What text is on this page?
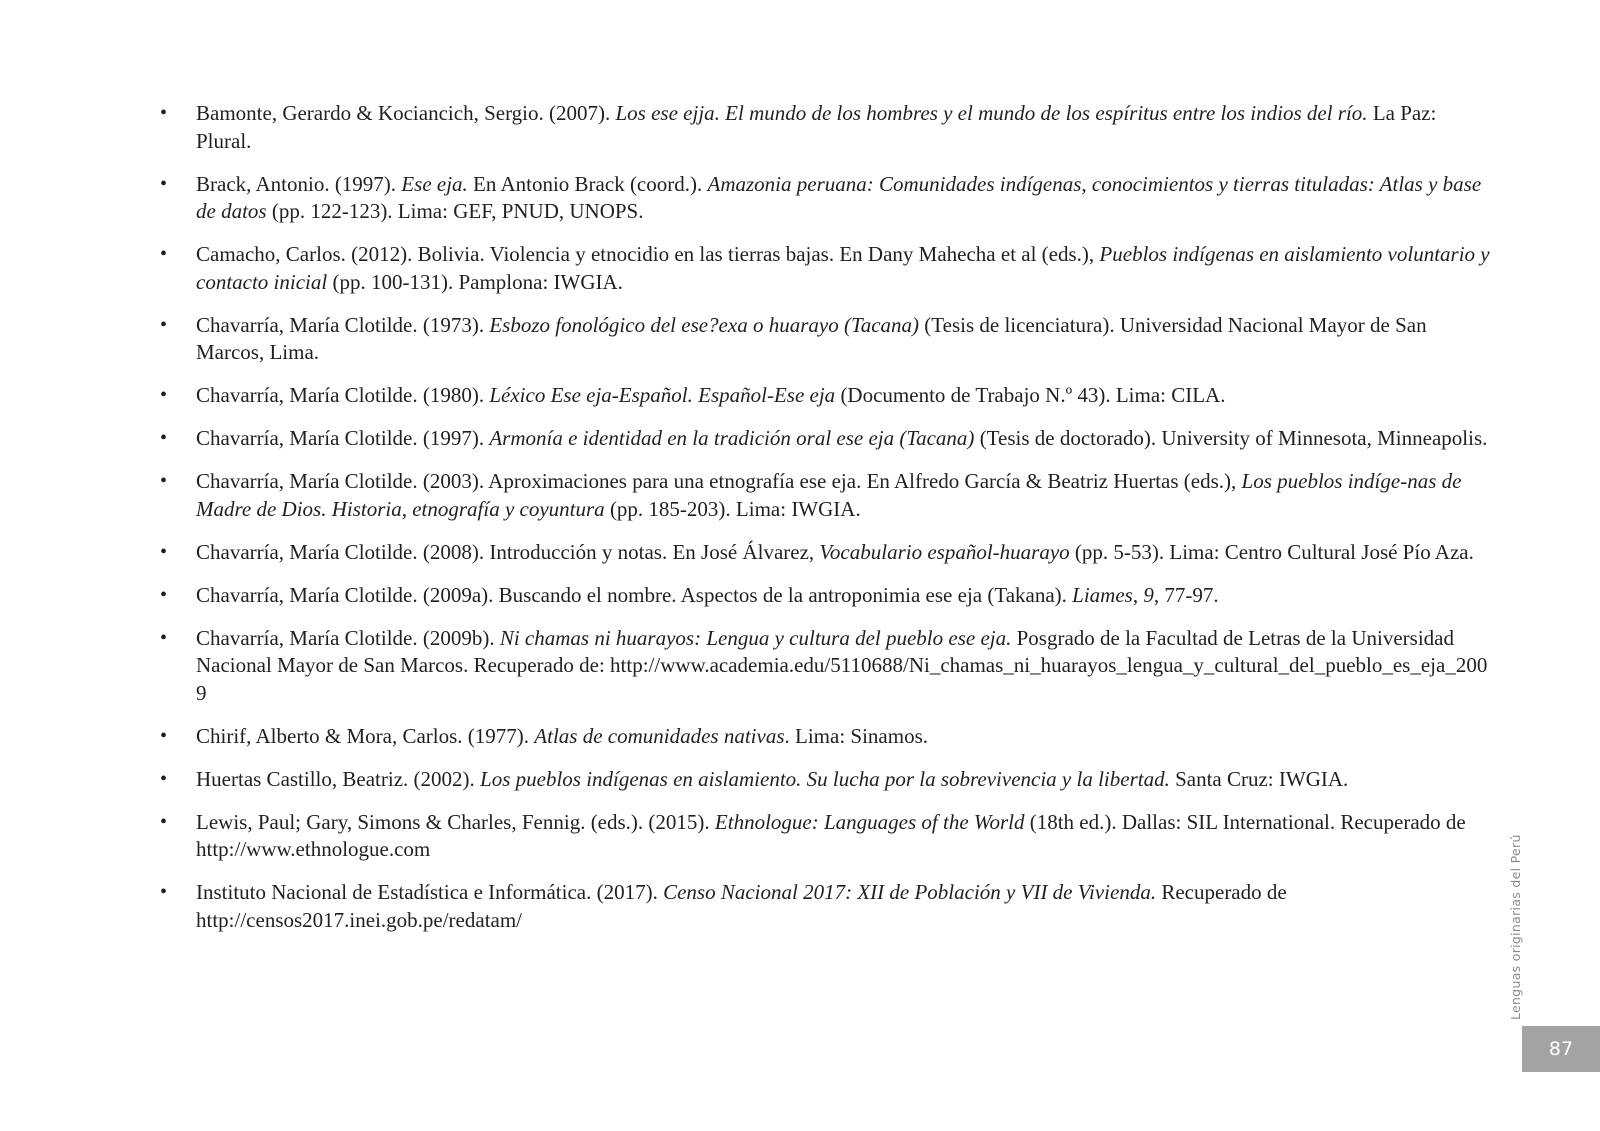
• Bamonte, Gerardo & Kociancich, Sergio. (2007). Los ese ejja. El mundo de los hombres y el mundo de los espíritus entre los indios del río. La Paz: Plural.
• Brack, Antonio. (1997). Ese eja. En Antonio Brack (coord.). Amazonia peruana: Comunidades indígenas, conocimientos y tierras tituladas: Atlas y base de datos (pp. 122-123). Lima: GEF, PNUD, UNOPS.
• Camacho, Carlos. (2012). Bolivia. Violencia y etnocidio en las tierras bajas. En Dany Mahecha et al (eds.), Pueblos indígenas en aislamiento voluntario y contacto inicial (pp. 100-131). Pamplona: IWGIA.
• Chavarría, María Clotilde. (1973). Esbozo fonológico del ese?exa o huarayo (Tacana) (Tesis de licenciatura). Universidad Nacional Mayor de San Marcos, Lima.
• Chavarría, María Clotilde. (1980). Léxico Ese eja-Español. Español-Ese eja (Documento de Trabajo N.º 43). Lima: CILA.
• Chavarría, María Clotilde. (1997). Armonía e identidad en la tradición oral ese eja (Tacana) (Tesis de doctorado). University of Minnesota, Minneapolis.
• Chavarría, María Clotilde. (2003). Aproximaciones para una etnografía ese eja. En Alfredo García & Beatriz Huertas (eds.), Los pueblos indíge-nas de Madre de Dios. Historia, etnografía y coyuntura (pp. 185-203). Lima: IWGIA.
• Chavarría, María Clotilde. (2008). Introducción y notas. En José Álvarez, Vocabulario español-huarayo (pp. 5-53). Lima: Centro Cultural José Pío Aza.
• Chavarría, María Clotilde. (2009a). Buscando el nombre. Aspectos de la antroponimia ese eja (Takana). Liames, 9, 77-97.
• Chavarría, María Clotilde. (2009b). Ni chamas ni huarayos: Lengua y cultura del pueblo ese eja. Posgrado de la Facultad de Letras de la Universidad Nacional Mayor de San Marcos. Recuperado de: http://www.academia.edu/5110688/Ni_chamas_ni_huarayos_lengua_y_cultural_del_pueblo_es_eja_2009
• Chirif, Alberto & Mora, Carlos. (1977). Atlas de comunidades nativas. Lima: Sinamos.
• Huertas Castillo, Beatriz. (2002). Los pueblos indígenas en aislamiento. Su lucha por la sobrevivencia y la libertad. Santa Cruz: IWGIA.
• Lewis, Paul; Gary, Simons & Charles, Fennig. (eds.). (2015). Ethnologue: Languages of the World (18th ed.). Dallas: SIL International. Recuperado de http://www.ethnologue.com
• Instituto Nacional de Estadística e Informática. (2017). Censo Nacional 2017: XII de Población y VII de Vivienda. Recuperado de http://censos2017.inei.gob.pe/redatam/	Lenguas originarias del Perú
87
